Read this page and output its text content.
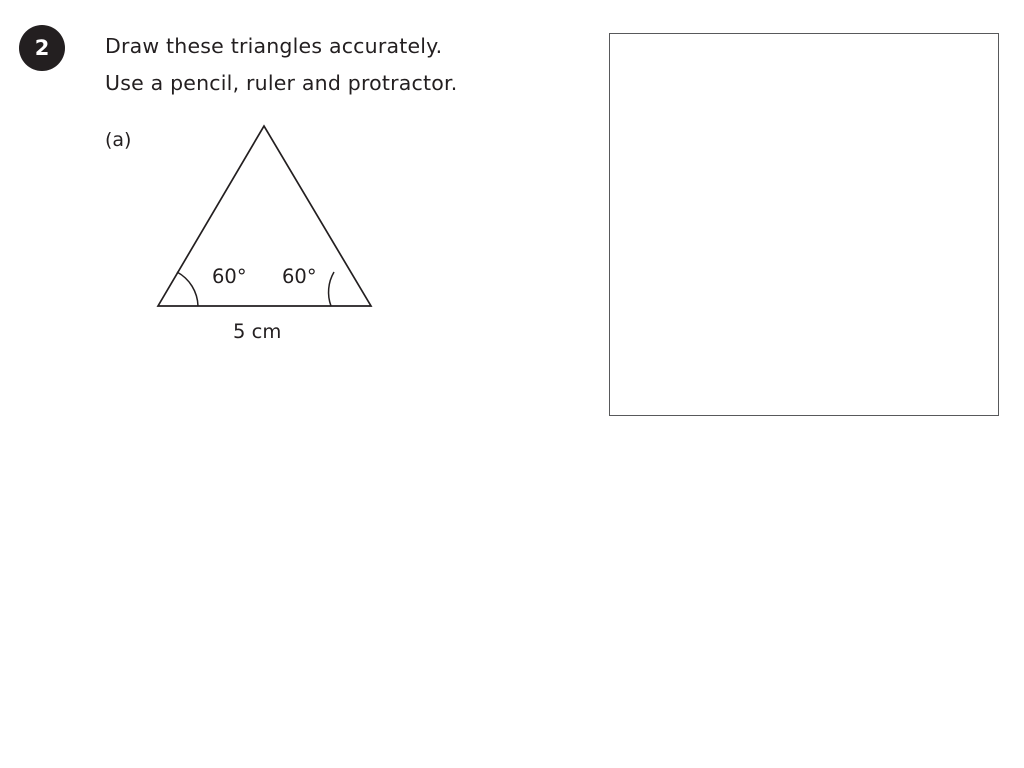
2	Draw these triangles accurately.
Use a pencil, ruler and protractor.
(a)
60° 60°
5 cm
